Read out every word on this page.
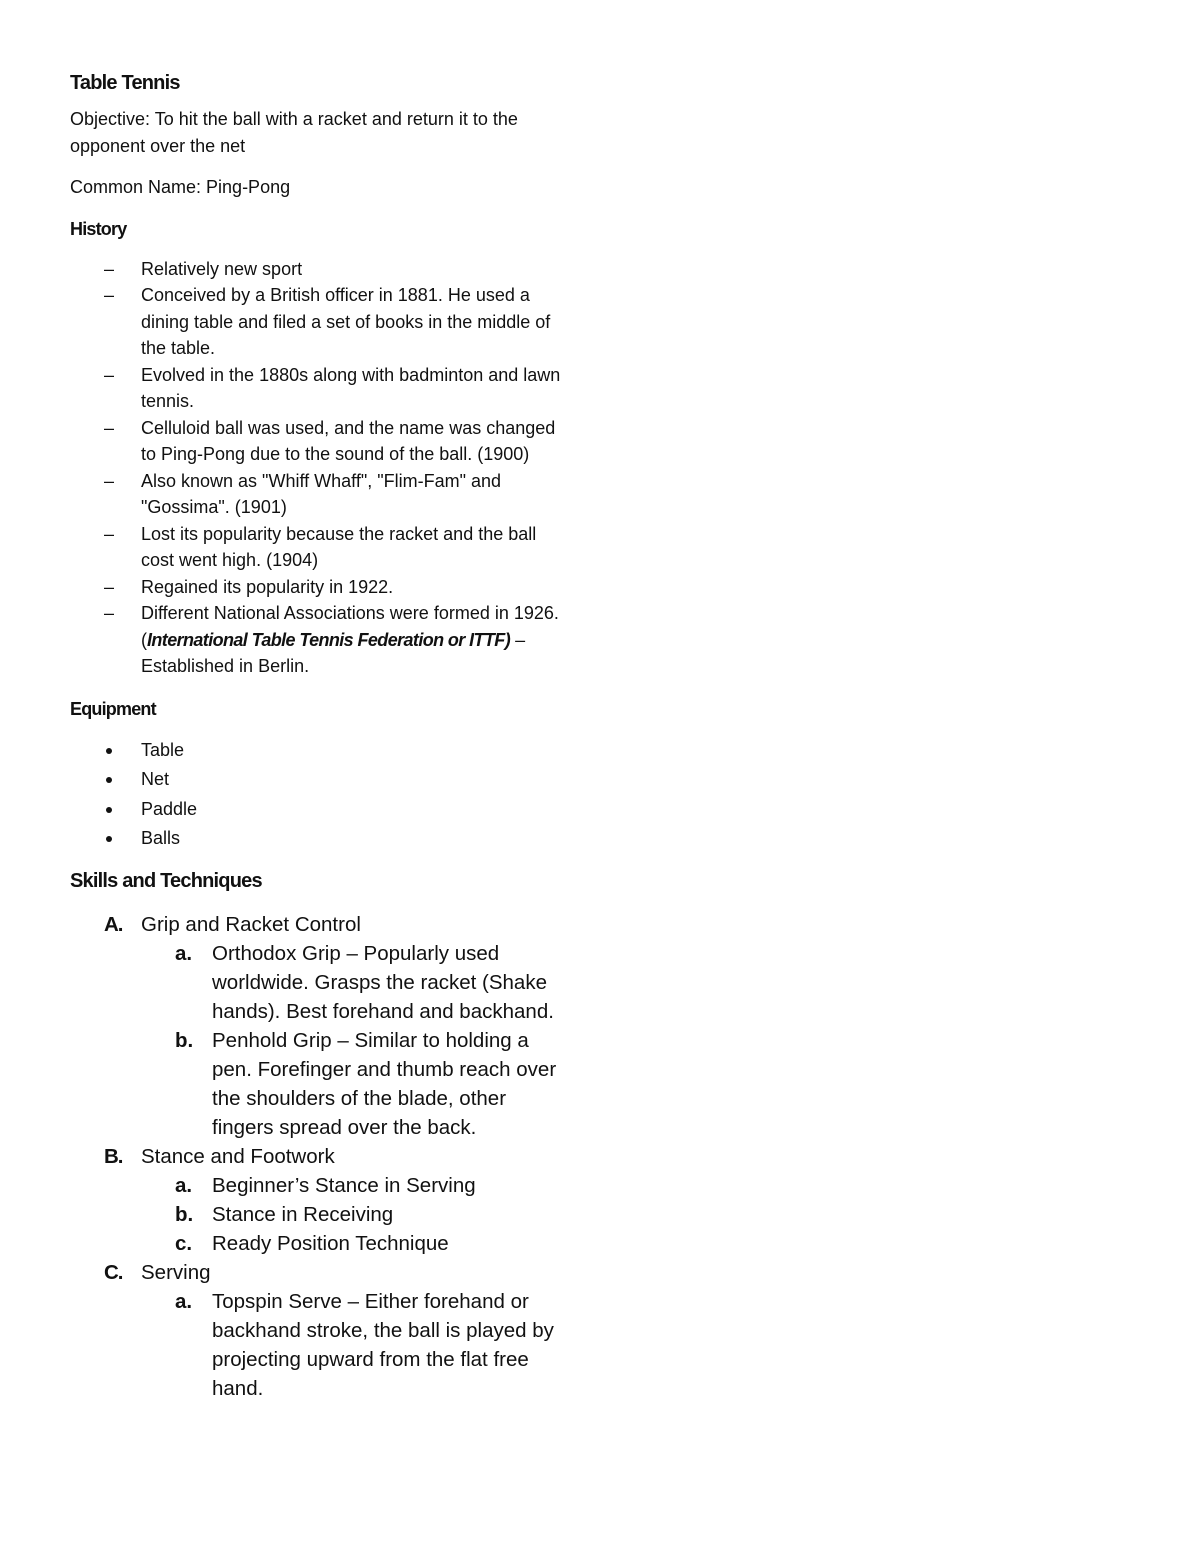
Table Tennis

Objective: To hit the ball with a racket and return it to the opponent over the net

Common Name: Ping-Pong

History
– Relatively new sport
– Conceived by a British officer in 1881. He used a dining table and filed a set of books in the middle of the table.
– Evolved in the 1880s along with badminton and lawn tennis.
– Celluloid ball was used, and the name was changed to Ping-Pong due to the sound of the ball. (1900)
– Also known as "Whiff Whaff", "Flim-Fam" and "Gossima". (1901)
– Lost its popularity because the racket and the ball cost went high. (1904)
– Regained its popularity in 1922.
– Different National Associations were formed in 1926. (International Table Tennis Federation or ITTF) – Established in Berlin.
Equipment
Table
Net
Paddle
Balls
Skills and Techniques
A. Grip and Racket Control
a. Orthodox Grip – Popularly used worldwide. Grasps the racket (Shake hands). Best forehand and backhand.
b. Penhold Grip – Similar to holding a pen. Forefinger and thumb reach over the shoulders of the blade, other fingers spread over the back.
B. Stance and Footwork
a. Beginner’s Stance in Serving
b. Stance in Receiving
c. Ready Position Technique
C. Serving
a. Topspin Serve – Either forehand or backhand stroke, the ball is played by projecting upward from the flat free hand.
